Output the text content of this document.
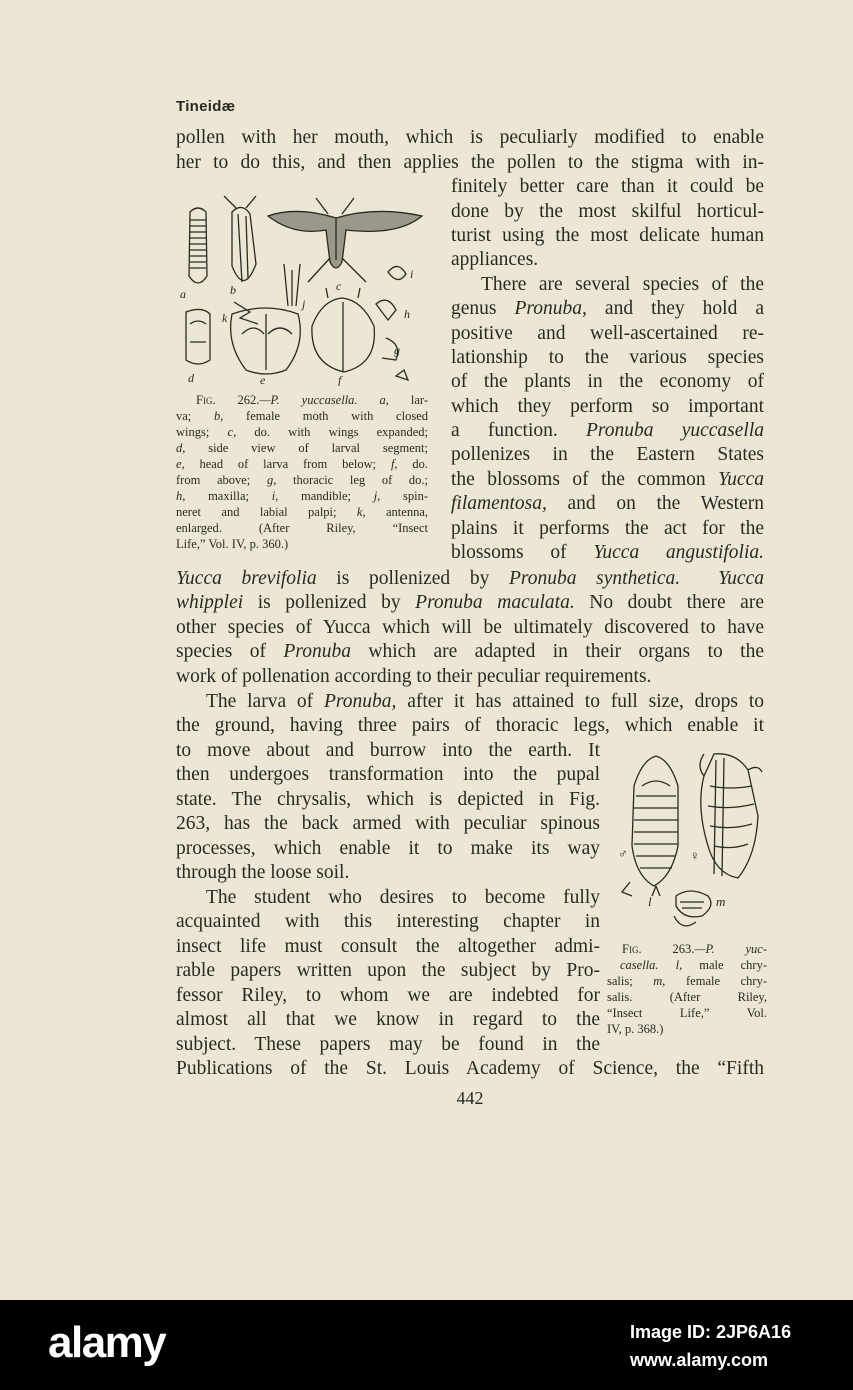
Tineidæ
pollen with her mouth, which is peculiarly modified to enable
her to do this, and then applies the pollen to the stigma with in-
finitely better care than it could be
done by the most skilful horticul-
turist using the most delicate human
appliances.
There are several species of the
genus Pronuba, and they hold a
positive and well-ascertained re-
lationship to the various species
of the plants in the economy of
which they perform so important
a function. Pronuba yuccasella
pollenizes in the Eastern States
the blossoms of the common Yucca
filamentosa, and on the Western
plains it performs the act for the
blossoms of Yucca angustifolia.
Yucca brevifolia is pollenized by Pronuba synthetica. Yucca
whipplei is pollenized by Pronuba maculata. No doubt there are
other species of Yucca which will be ultimately discovered to have
species of Pronuba which are adapted in their organs to the
work of pollenation according to their peculiar requirements.
The larva of Pronuba, after it has attained to full size, drops to
the ground, having three pairs of thoracic legs, which enable it
to move about and burrow into the earth. It
then undergoes transformation into the pupal
state. The chrysalis, which is depicted in Fig.
263, has the back armed with peculiar spinous
processes, which enable it to make its way
through the loose soil.
The student who desires to become fully
acquainted with this interesting chapter in
insect life must consult the altogether admi-
rable papers written upon the subject by Pro-
fessor Riley, to whom we are indebted for
almost all that we know in regard to the
subject. These papers may be found in the
Publications of the St. Louis Academy of Science, the “Fifth
a	b	c
d	e	f
g
h
i
j
k
Fig. 262.—P. yuccasella. a, lar-
va; b, female moth with closed
wings; c, do. with wings expanded;
d, side view of larval segment;
e, head of larva from below; f, do.
from above; g, thoracic leg of do.;
h, maxilla; i, mandible; j, spin-
neret and labial palpi; k, antenna,
enlarged. (After Riley, “Insect
Life,” Vol. IV, p. 360.)
♂	♀
l	m
Fig. 263.—P. yuc-
casella. l, male chry-
salis; m, female chry-
salis. (After Riley,
“Insect Life,” Vol.
IV, p. 368.)
442
alamy	Image ID: 2JP6A16
www.alamy.com
